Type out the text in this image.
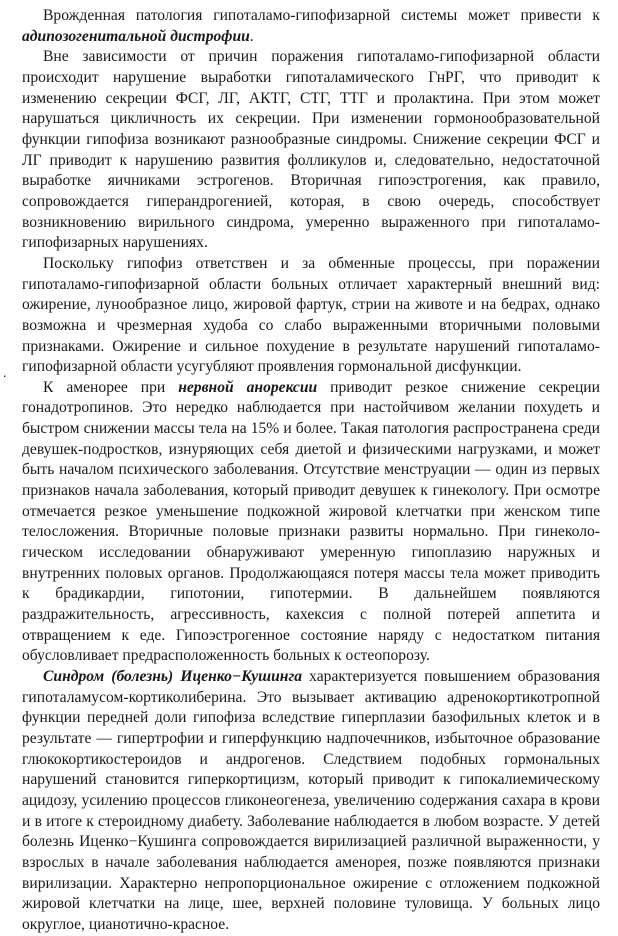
Врожденная патология гипоталамо-гипофизарной системы может привести к адипозогенитальной дистрофии.

Вне зависимости от причин поражения гипоталамо-гипофизарной области происходит нарушение выработки гипоталамического ГнРГ, что приводит к изменению секреции ФСГ, ЛГ, АКТГ, СТГ, ТТГ и пролактина. При этом может нарушаться цикличность их секреции. При изменении гормонообразовательной функции гипофиза возникают разнообразные синдромы. Снижение секреции ФСГ и ЛГ приводит к нарушению развития фолликулов и, следовательно, недостаточной выработке яичниками эстрогенов. Вторичная гипоэстрогения, как правило, сопровождается гиперандрогенией, которая, в свою очередь, способствует возникновению вирильного синдрома, умеренно выраженного при гипоталамо-гипофизарных нарушениях.

Поскольку гипофиз ответствен и за обменные процессы, при поражении гипоталамо-гипофизарной области больных отличает характерный внешний вид: ожирение, лунообразное лицо, жировой фартук, стрии на животе и на бедрах, однако возможна и чрезмерная худоба со слабо выраженными вторичными половыми признаками. Ожирение и сильное похудение в результате нарушений гипоталамо-гипофизарной области усугубляют проявления гормональной дисфункции.

К аменорее при нервной анорексии приводит резкое снижение секреции гонадотропинов. Это нередко наблюдается при настойчивом желании похудеть и быстром снижении массы тела на 15% и более. Такая патология распространена среди девушек-подростков, изнуряющих себя диетой и физическими нагрузками, и может быть началом психического заболевания. Отсутствие менструации — один из первых признаков начала заболевания, который приводит девушек к гинекологу. При осмотре отмечается резкое уменьшение подкожной жировой клетчатки при женском типе телосложения. Вторичные половые признаки развиты нормально. При гинекологическом исследовании обнаруживают умеренную гипоплазию наружных и внутренних половых органов. Продолжающаяся потеря массы тела может приводить к брадикардии, гипотонии, гипотермии. В дальнейшем появляются раздражительность, агрессивность, кахексия с полной потерей аппетита и отвращением к еде. Гипоэстрогенное состояние наряду с недостатком питания обусловливает предрасположенность больных к остеопорозу.

Синдром (болезнь) Иценко−Кушинга характеризуется повышением образования гипоталамусом-кортиколиберина. Это вызывает активацию адренокортикотропной функции передней доли гипофиза вследствие гиперплазии базофильных клеток и в результате — гипертрофии и гиперфункцию надпочечников, избыточное образование глюкокортикостероидов и андрогенов. Следствием подобных гормональных нарушений становится гиперкортицизм, который приводит к гипокалиемическому ацидозу, усилению процессов гликонеогенеза, увеличению содержания сахара в крови и в итоге к стероидному диабету. Заболевание наблюдается в любом возрасте. У детей болезнь Иценко−Кушинга сопровождается вирилизацией различной выраженности, у взрослых в начале заболевания наблюдается аменорея, позже появляются признаки вирилизации. Характерно непропорциональное ожирение с отложением подкожной жировой клетчатки на лице, шее, верхней половине туловища. У больных лицо округлое, цианотично-красное.

.
